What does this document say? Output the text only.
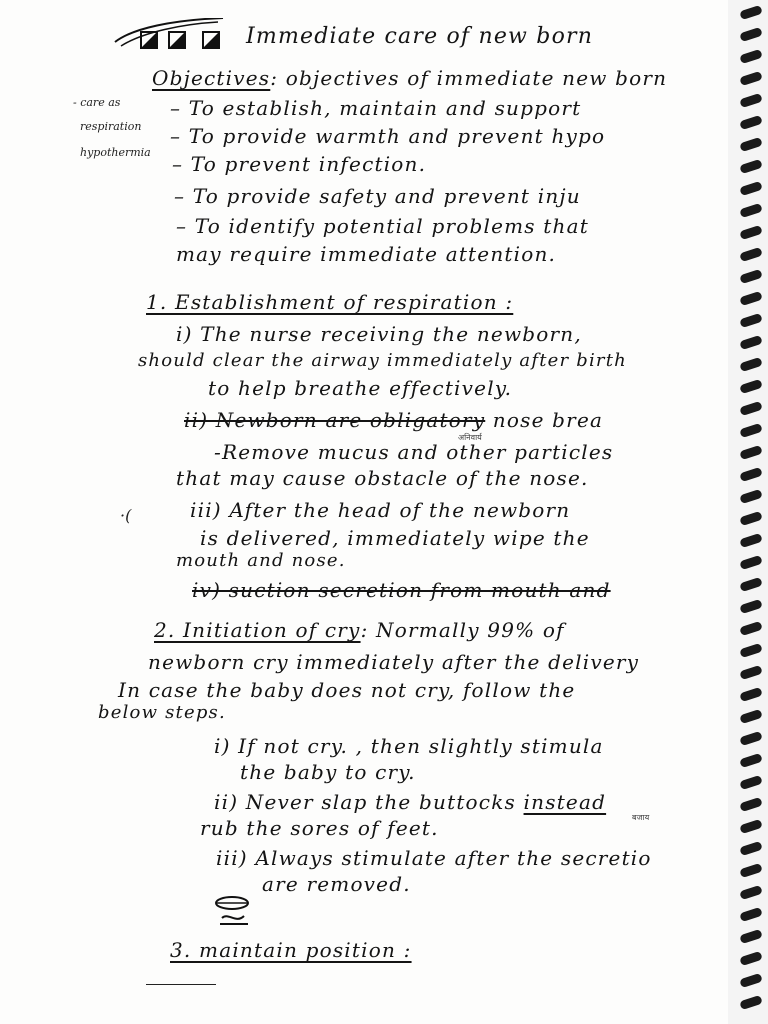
Immediate care of new born
Objectives: objectives of immediate new born
- care as
respiration
hypothermia
– To establish, maintain and support
– To provide warmth and prevent hypo
– To prevent infection.
– To provide safety and prevent inju
– To identify potential problems that
may require immediate attention.
1. Establishment of respiration :
i) The nurse receiving the newborn,
should clear the airway immediately after birth
to help breathe effectively.
ii) Newborn are obligatory nose brea
अनिवार्य
-Remove mucus and other particles
that may cause obstacle of the nose.
iii) After the head of the newborn
is delivered, immediately wipe the
mouth and nose.
iv) suction secretion from mouth and
2. Initiation of cry: Normally 99% of
newborn cry immediately after the delivery
In case the baby does not cry, follow the
below steps.
i) If not cry. , then slightly stimula
the baby to cry.
ii) Never slap the buttocks instead
बजाय
rub the sores of feet.
iii) Always stimulate after the secretio
are removed.
3. maintain position :
·(
